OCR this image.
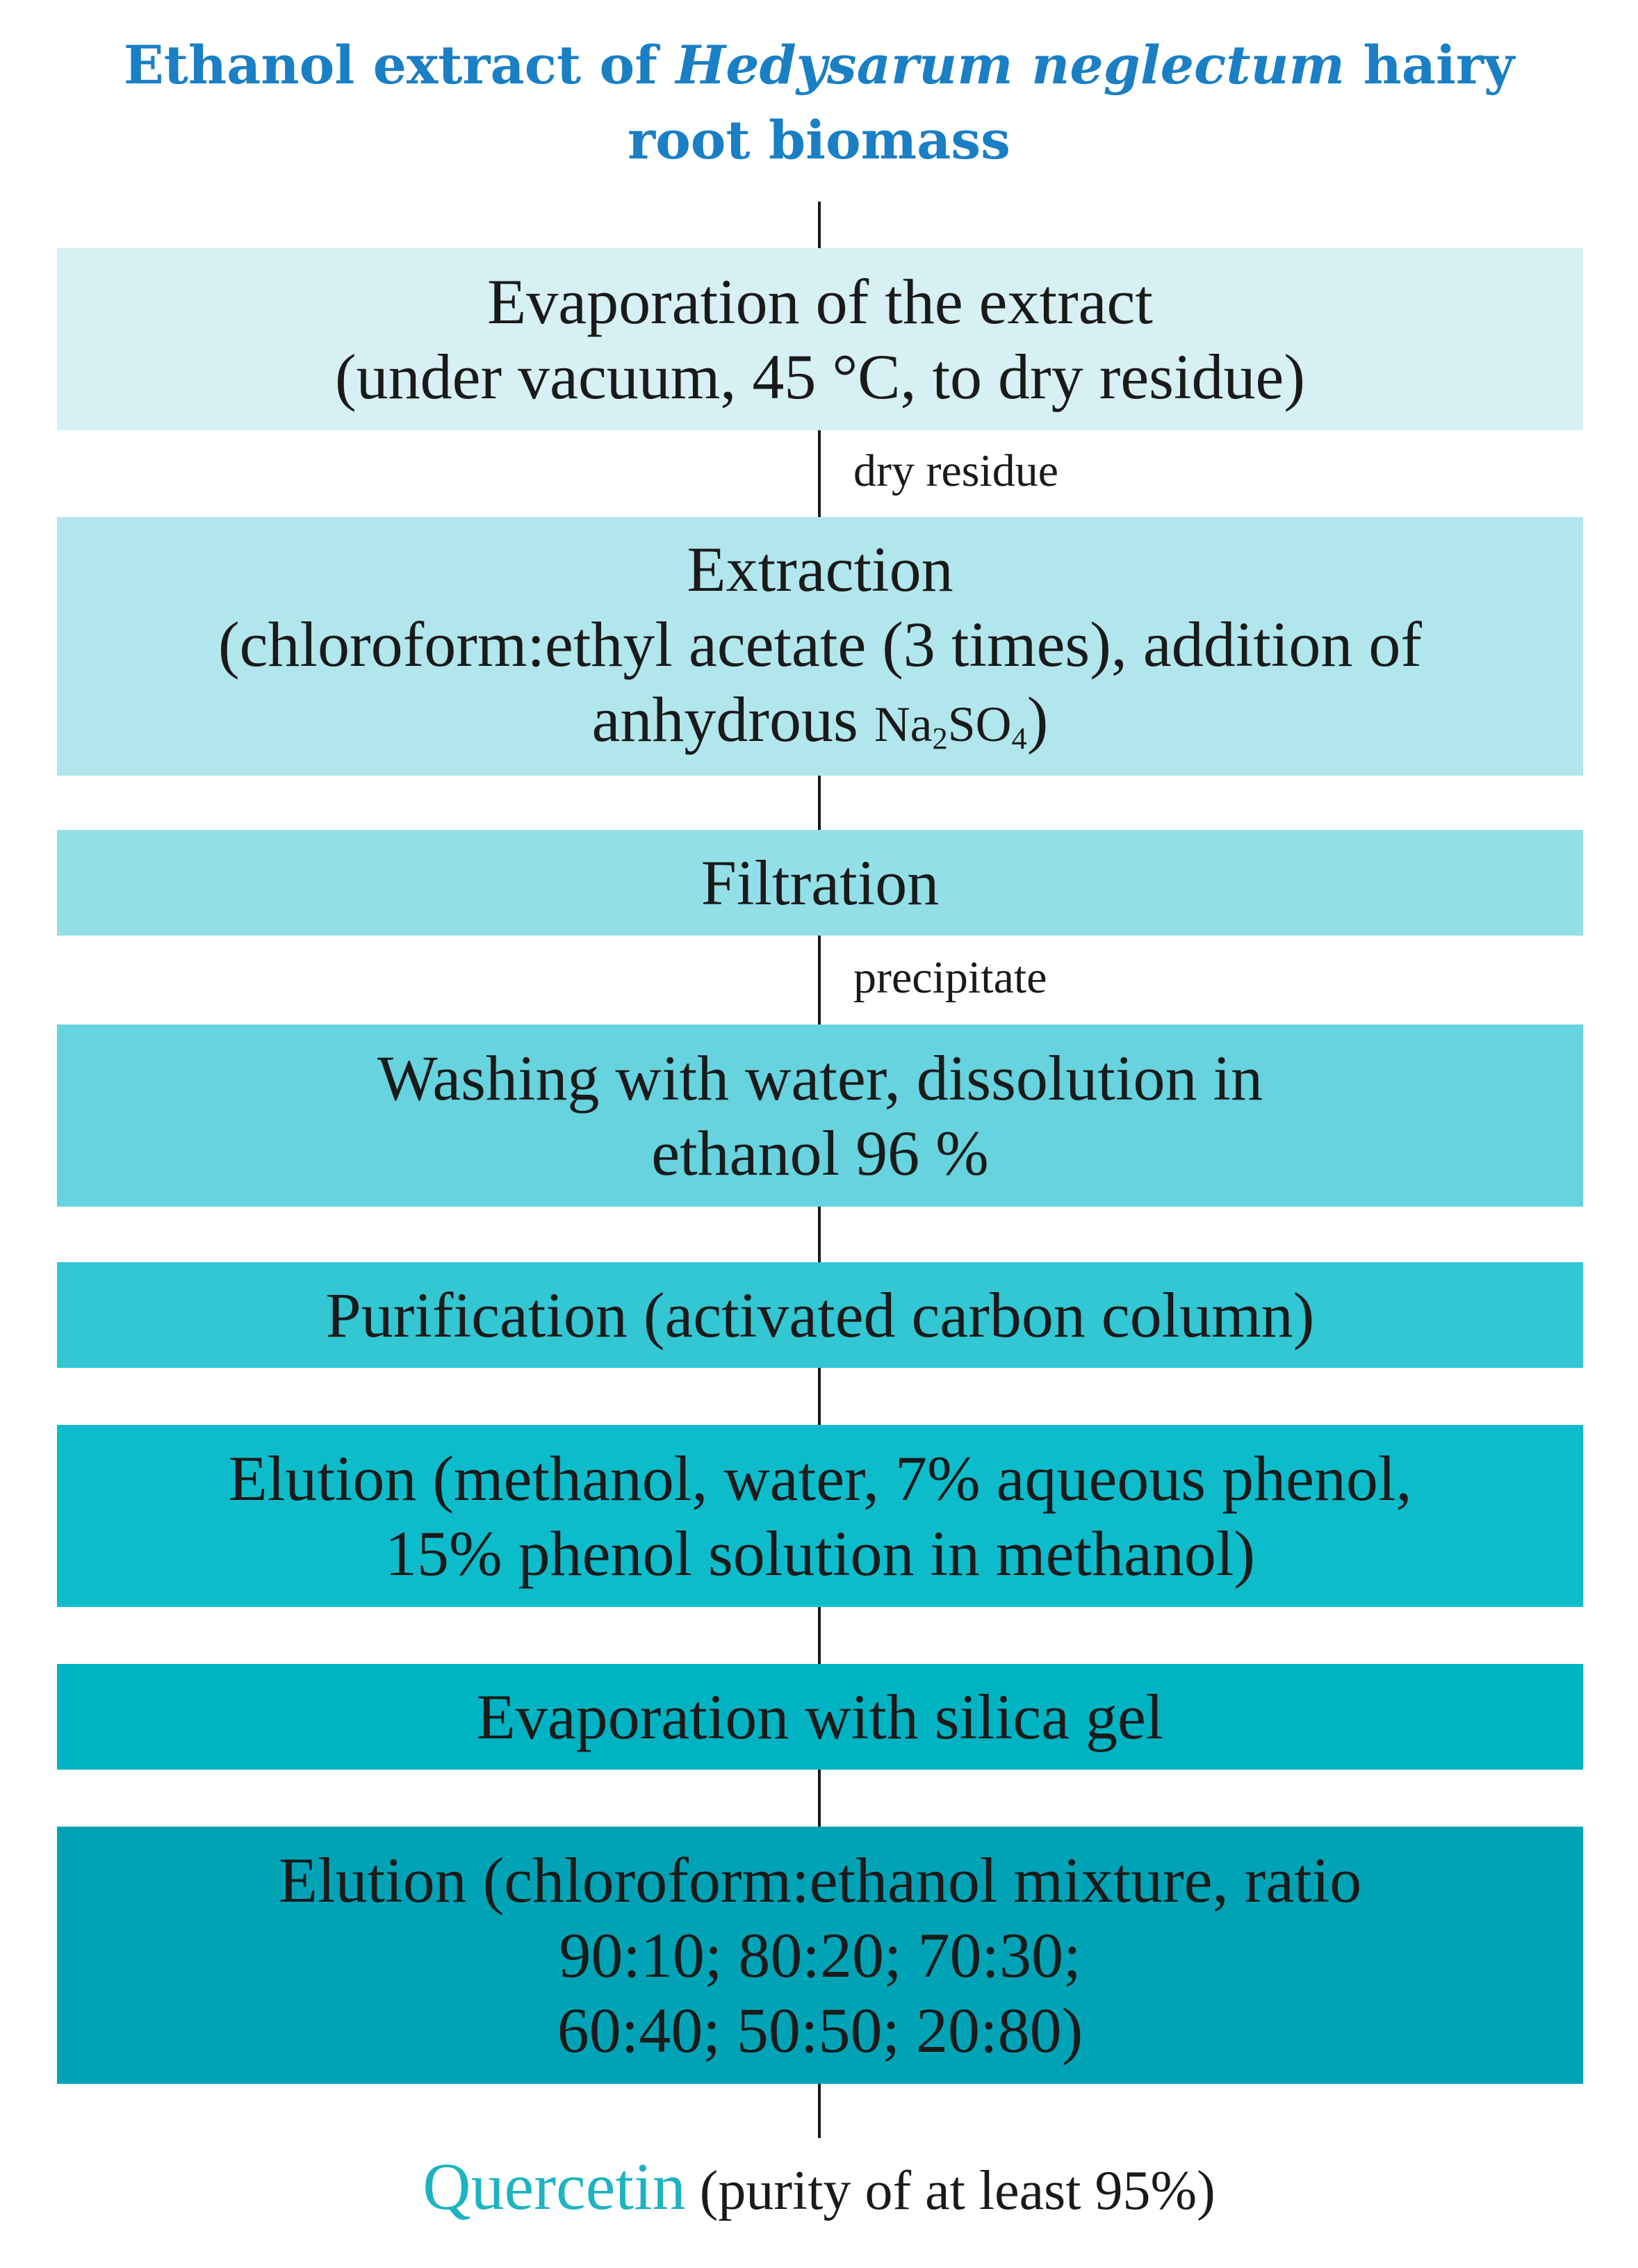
Ethanol extract of Hedysarum neglectum hairy
root biomass
Evaporation of the extract
(under vacuum, 45 °C, to dry residue)
dry residue
Extraction
(chloroform:ethyl acetate (3 times), addition of
anhydrous $Na_2SO_4$)
Filtration
precipitate
Washing with water, dissolution in
ethanol 96 %
Purification (activated carbon column)
Elution (methanol, water, 7% aqueous phenol,
15% phenol solution in methanol)
Evaporation with silica gel
Elution (chloroform:ethanol mixture, ratio
90:10; 80:20; 70:30;
60:40; 50:50; 20:80)
Quercetin (purity of at least 95%)
